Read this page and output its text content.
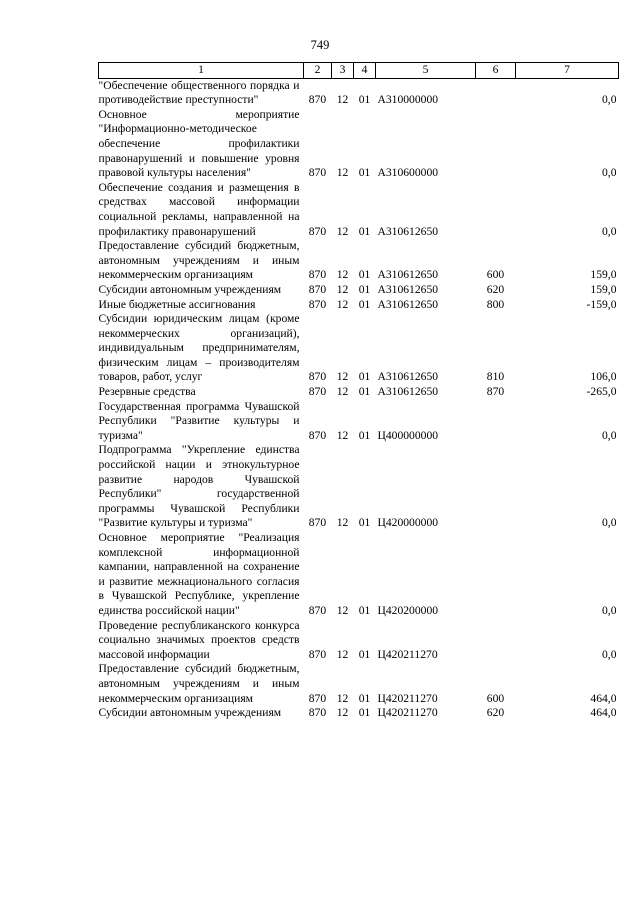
749
1	2	3	4	5	6	7
"Обеспечение общественного порядка и противодействие преступности"	870	12	01	А310000000		0,0
Основное мероприятие "Информационно-методическое обеспечение профилактики правонарушений и повышение уровня правовой культуры населения"	870	12	01	А310600000		0,0
Обеспечение создания и размещения в средствах массовой информации социальной рекламы, направленной на профилактику правонарушений	870	12	01	А310612650		0,0
Предоставление субсидий бюджетным, автономным учреждениям и иным некоммерческим организациям	870	12	01	А310612650	600	159,0
Субсидии автономным учреждениям	870	12	01	А310612650	620	159,0
Иные бюджетные ассигнования	870	12	01	А310612650	800	-159,0
Субсидии юридическим лицам (кроме некоммерческих организаций), индивидуальным предпринимателям, физическим лицам – производителям товаров, работ, услуг	870	12	01	А310612650	810	106,0
Резервные средства	870	12	01	А310612650	870	-265,0
Государственная программа Чувашской Республики "Развитие культуры и туризма"	870	12	01	Ц400000000		0,0
Подпрограмма "Укрепление единства российской нации и этнокультурное развитие народов Чувашской Республики" государственной программы Чувашской Республики "Развитие культуры и туризма"	870	12	01	Ц420000000		0,0
Основное мероприятие "Реализация комплексной информационной кампании, направленной на сохранение и развитие межнационального согласия в Чувашской Республике, укрепление единства российской нации"	870	12	01	Ц420200000		0,0
Проведение республиканского конкурса социально значимых проектов средств массовой информации	870	12	01	Ц420211270		0,0
Предоставление субсидий бюджетным, автономным учреждениям и иным некоммерческим организациям	870	12	01	Ц420211270	600	464,0
Субсидии автономным учреждениям	870	12	01	Ц420211270	620	464,0
